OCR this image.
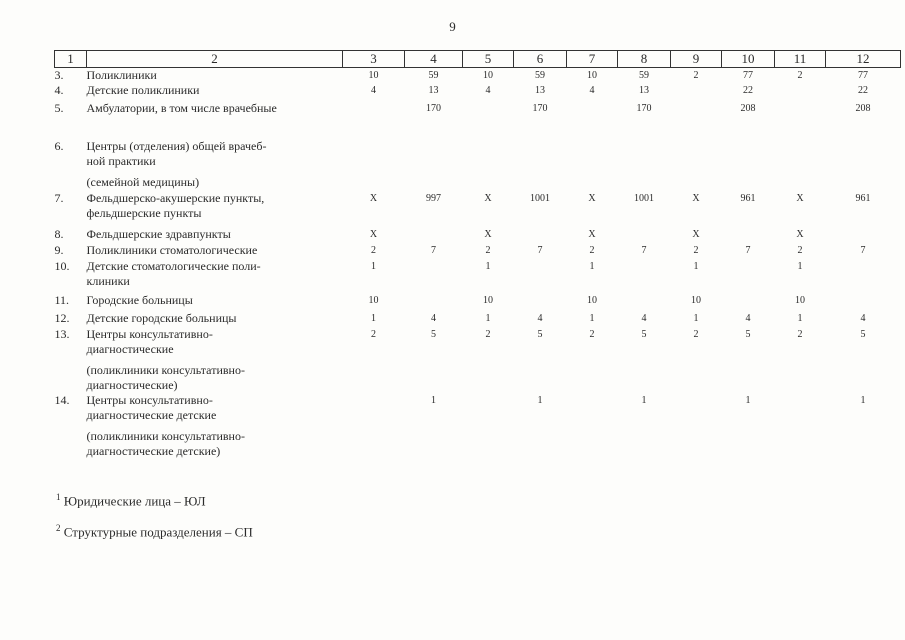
9
1	2	3	4	5	6	7	8	9	10	11	12
3.	Поликлиники	10	59	10	59	10	59	2	77	2	77
4.	Детские поликлиники	4	13	4	13	4	13		22		22
5.	Амбулатории, в том числе врачебные		170		170		170		208		208
6.	Центры (отделения) общей врачеб-
ной практики
(семейной медицины)										

7.	Фельдшерско-акушерские пункты,
фельдшерские пункты	X	997	X	1001	X	1001	X	961	X	961
8.	Фельдшерские здравпункты	X		X		X		X		X	
9.	Поликлиники стоматологические	2	7	2	7	2	7	2	7	2	7
10.	Детские стоматологические поли-
клиники	1		1		1		1		1	
11.	Городские больницы	10		10		10		10		10	
12.	Детские городские больницы	1	4	1	4	1	4	1	4	1	4
13.	Центры консультативно-
диагностические
(поликлиники консультативно-
диагностические)	2	5	2	5	2	5	2	5	2	5
14.	Центры консультативно-
диагностические детские
(поликлиники консультативно-
диагностические детские)		1		1		1		1		1
$^1$ Юридические лица – ЮЛ
$^2$ Структурные подразделения – СП
